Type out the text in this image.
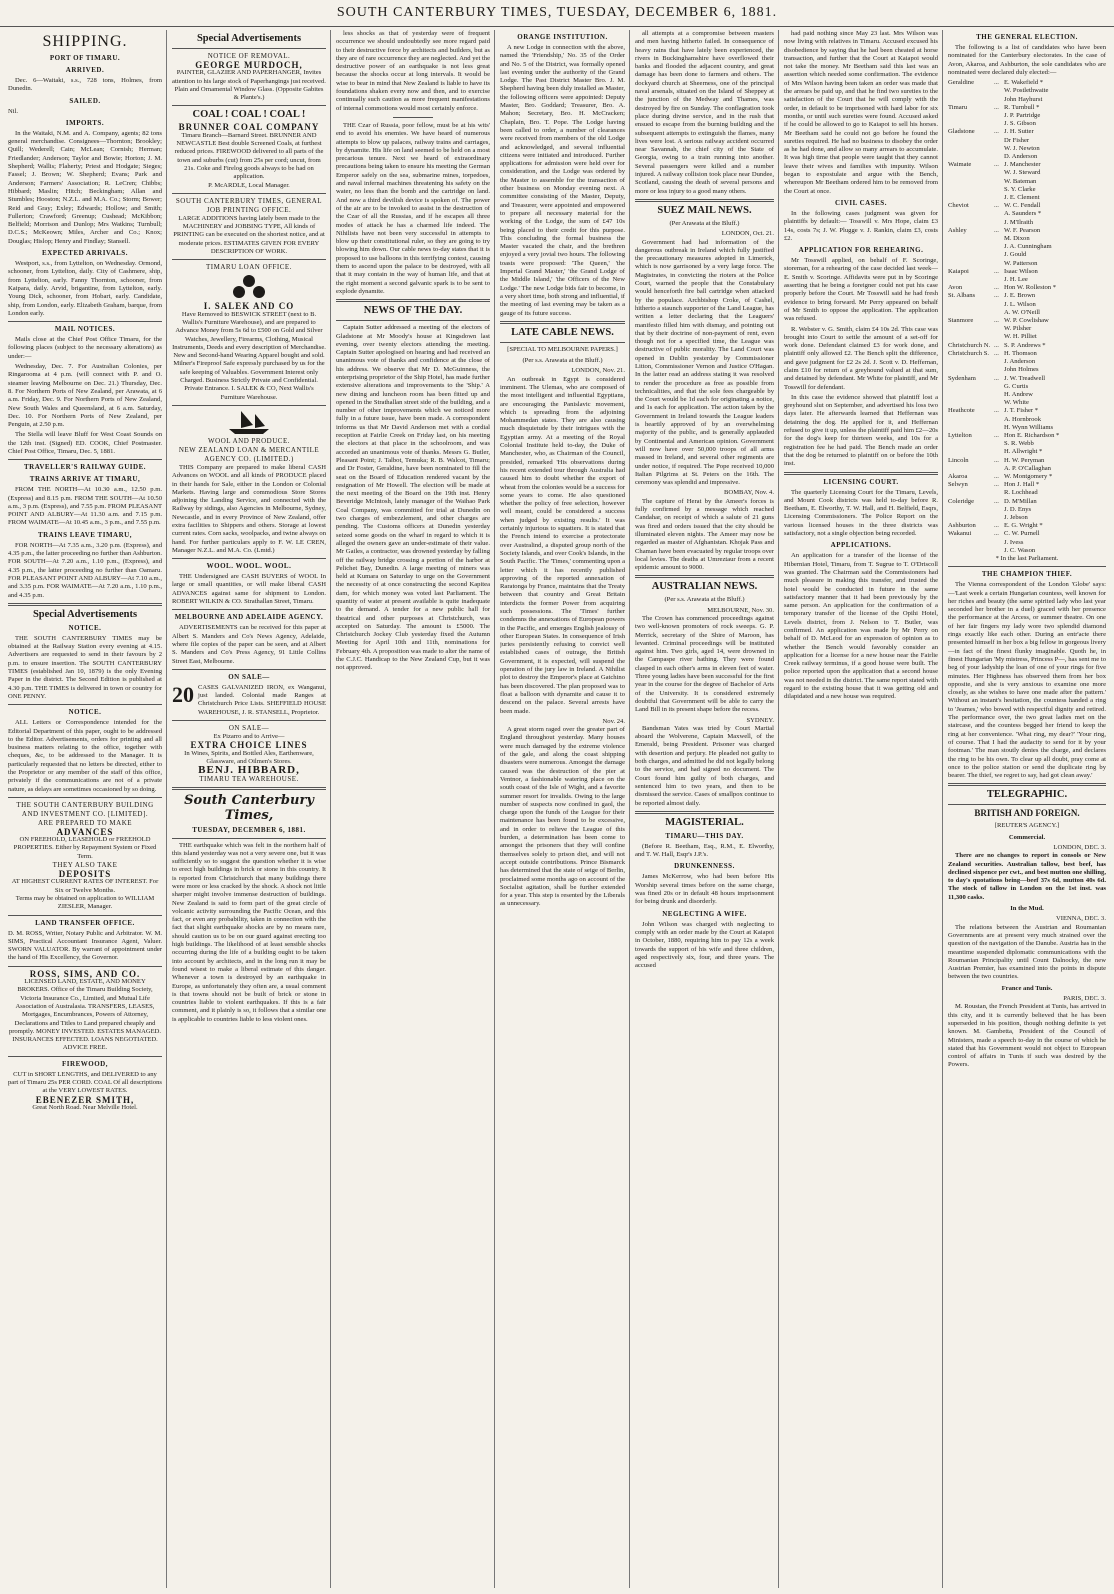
SOUTH CANTERBURY TIMES, TUESDAY, DECEMBER 6, 1881.
SHIPPING.
PORT OF TIMARU.
ARRIVED.

Dec. 6—Waitaki, s.s., 728 tons, Holmes, from Dunedin.

SAILED.

Nil.

IMPORTS.

In the Waitaki, N.M. and A. Company, agents; 82 tons general merchandise. Consignees—Thornton; Brookley; Quill; Wederell; Cain; McLean; Cornish; Herman; Friedlander; Anderson; Taylor and Bowie; Horton; J. M. Shepherd; Wallis; Flaherty; Priest and Hodgate; Sieges; Fassel; J. Brown; W. Shepherd; Evans; Park and Anderson; Farmers' Association; R. LeCren; Chibbs; Hibbard; Maslin; Hitch; Beckingham; Allan and Stumbles; Hooston; N.Z.L. and M.A. Co.; Storm; Bower; Reid and Gray; Exley; Edwards; Hollow; and Smith; Fullerton; Crawford; Greenup; Cushead; McKibbon; Belfield; Morrison and Dunlop; Mrs Watkins; Turnbull; D.C.S.; McKeown; Miles, Archer and Co.; Knox; Douglas; Hislop; Henry and Findlay; Stansell.

EXPECTED ARRIVALS.

Westport, s.s., from Lyttelton, on Wednesday. Ormond, schooner, from Lyttelton, daily. City of Cashmere, ship, from Lyttelton, early. Fanny Thornton, schooner, from Kaipara, daily. Arvid, brigantine, from Lyttelton, early. Young Dick, schooner, from Hobart, early. Candidate, ship, from London, early. Elizabeth Graham, barque, from London early.

MAIL NOTICES.

Mails close at the Chief Post Office Timaru, for the following places (subject to the necessary alterations) as under:—

Wednesday, Dec. 7. For Australian Colonies, per Ringarooma at 4 p.m. (will connect with P. and O. steamer leaving Melbourne on Dec. 21.) Thursday, Dec. 8. For Northern Ports of New Zealand, per Arawata, at 6 a.m. Friday, Dec. 9. For Northern Ports of New Zealand, New South Wales and Queensland, at 6 a.m. Saturday, Dec. 10. For Northern Ports of New Zealand, per Penguin, at 2.50 p.m.

The Stella will leave Bluff for West Coast Sounds on the 12th inst. (Signed) ED. COOK, Chief Postmaster. Chief Post Office, Timaru, Dec. 5, 1881.

TRAVELLER'S RAILWAY GUIDE.
TRAINS ARRIVE AT TIMARU,

FROM THE NORTH—At 10.30 a.m., 12.50 p.m. (Express) and 8.15 p.m. FROM THE SOUTH—At 10.50 a.m., 3 p.m. (Express), and 7.55 p.m. FROM PLEASANT POINT AND ALBURY—At 11.30 a.m. and 7.15 p.m. FROM WAIMATE—At 10.45 a.m., 3 p.m., and 7.55 p.m.

TRAINS LEAVE TIMARU,

FOR NORTH—At 7.35 a.m., 3.20 p.m. (Express), and 4.35 p.m., the latter proceeding no further than Ashburton. FOR SOUTH—At 7.20 a.m., 1.10 p.m., (Express), and 4.35 p.m., the latter proceeding no further than Oamaru. FOR PLEASANT POINT AND ALBURY—At 7.10 a.m., and 3.35 p.m. FOR WAIMATE—At 7.20 a.m., 1.10 p.m., and 4.35 p.m.

Special Advertisements
NOTICE.

THE SOUTH CANTERBURY TIMES may be obtained at the Railway Station every evening at 4.15. Advertisers are requested to send in their favours by 2 p.m. to ensure insertion. The SOUTH CANTERBURY TIMES (established Jan 10, 1879) is the only Evening Paper in the district. The Second Edition is published at 4.30 p.m. THE TIMES is delivered in town or country for ONE PENNY.

NOTICE.

ALL Letters or Correspondence intended for the Editorial Department of this paper, ought to be addressed to the Editor. Advertisements, orders for printing and all business matters relating to the office, together with cheques, &c, to be addressed to the Manager. It is particularly requested that no letters be directed, either to the Proprietor or any member of the staff of this office, privately if the communications are not of a private nature, as delays are sometimes occasioned by so doing.

THE SOUTH CANTERBURY BUILDING AND INVESTMENT CO. [LIMITED].
ARE PREPARED TO MAKE
ADVANCES
ON FREEHOLD, LEASEHOLD or FREEHOLD PROPERTIES. Either by Repayment System or Fixed Term.
THEY ALSO TAKE
DEPOSITS
AT HIGHEST CURRENT RATES OF INTEREST. For Six or Twelve Months.
Terms may be obtained on application to WILLIAM ZIESLER, Manager.
LAND TRANSFER OFFICE.

D. M. ROSS, Writer, Notary Public and Arbitrator. W. M. SIMS, Practical Accountant Insurance Agent, Valuer. SWORN VALUATOR. By warrant of appointment under the hand of His Excellency, the Governor.

ROSS, SIMS, AND CO.
LICENSED LAND, ESTATE, AND MONEY BROKERS. Office of the Timaru Building Society, Victoria Insurance Co., Limited, and Mutual Life Association of Australasia. TRANSFERS, LEASES, Mortgages, Encumbrances, Powers of Attorney, Declarations and Titles to Land prepared cheaply and promptly. MONEY INVESTED. ESTATES MANAGED. INSURANCES EFFECTED. LOANS NEGOTIATED. ADVICE FREE.
FIREWOOD,
CUT in SHORT LENGTHS, and DELIVERED to any part of Timaru 25s PER CORD. COAL Of all descriptions at the VERY LOWEST RATES.
EBENEZER SMITH,
Great North Road. Near Melville Hotel.
Special Advertisements
NOTICE OF REMOVAL.
GEORGE MURDOCH,
PAINTER, GLAZIER AND PAPERHANGER, Invites attention to his large stock of Paperhangings just received. Plain and Ornamental Window Glass. (Opposite Gabites & Plante's.)
COAL ! COAL ! COAL !
BRUNNER COAL COMPANY
Timaru Branch—Barnard Street. BRUNNER AND NEWCASTLE Best double Screened Coals, at furthest reduced prices. FIREWOOD delivered to all parts of the town and suburbs (cut) from 25s per cord; uncut, from 21s. Coke and Firelog goods always to be had on application.
P. McARDLE, Local Manager.
SOUTH CANTERBURY TIMES, GENERAL JOB PRINTING OFFICE.
LARGE ADDITIONS having lately been made to the MACHINERY and JOBBING TYPE, All kinds of PRINTING can be executed on the shortest notice, and at moderate prices. ESTIMATES GIVEN FOR EVERY DESCRIPTION OF WORK.
TIMARU LOAN OFFICE.
I. SALEK AND CO
Have Removed to BESWICK STREET (next to B. Wallis's Furniture Warehouse), and are prepared to Advance Money from 5s 6d to £500 on Gold and Silver Watches, Jewellery, Firearms, Clothing, Musical Instruments, Deeds and every description of Merchandise. New and Second-hand Wearing Apparel bought and sold. Milner's Fireproof Safe expressly purchased by us for the safe keeping of Valuables. Government Interest only Charged. Business Strictly Private and Confidential. Private Entrance. I. SALEK & CO, Next Wallis's Furniture Warehouse.
WOOL AND PRODUCE.
NEW ZEALAND LOAN & MERCANTILE AGENCY CO. (LIMITED.)

THIS Company are prepared to make liberal CASH Advances on WOOL and all kinds of PRODUCE placed in their hands for Sale, either in the London or Colonial Markets. Having large and commodious Store Stores adjoining the Landing Service, and connected with the Railway by sidings, also Agencies in Melbourne, Sydney, Newcastle, and in every Province of New Zealand, offer extra facilities to Shippers and others. Storage at lowest current rates. Corn sacks, woolpacks, and twine always on hand. For further particulars apply to F. W. LE CREN, Manager N.Z.L. and M.A. Co. (Lmtd.)

WOOL. WOOL. WOOL.

THE Undersigned are CASH BUYERS of WOOL In large or small quantities, or will make liberal CASH ADVANCES against same for shipment to London. ROBERT WILKIN & CO. Strathallan Street, Timaru.

MELBOURNE AND ADELAIDE AGENCY.

ADVERTISEMENTS can be received for this paper at Albert S. Manders and Co's News Agency, Adelaide, where file copies of the paper can be seen, and at Albert S. Manders and Co's Press Agency, 91 Little Collins Street East, Melbourne.

ON SALE—
20 CASES GALVANIZED IRON, ex Wanganui, just landed. Colonial made Ranges at Christchurch Price Lists. SHEFFIELD HOUSE WAREHOUSE, J. R. STANSELL, Proprietor.
ON SALE—
Ex Pizarro and to Arrive—
EXTRA CHOICE LINES
In Wines, Spirits, and Bottled Ales, Earthenware, Glassware, and Oilmen's Stores.
BENJ. HIBBARD,
TIMARU TEA WAREHOUSE.
South Canterbury Times,
TUESDAY, DECEMBER 6, 1881.

THE earthquake which was felt in the northern half of this island yesterday was not a very severe one, but it was sufficiently so to suggest the question whether it is wise to erect high buildings in brick or stone in this country. It is reported from Christchurch that many buildings there were more or less cracked by the shock. A shock not little sharper might involve immense destruction of buildings. New Zealand is said to form part of the great circle of volcanic activity surrounding the Pacific Ocean, and this fact, or even any probability, taken in connection with the fact that slight earthquake shocks are by no means rare, should caution us to be on our guard against erecting too high buildings. The likelihood of at least sensible shocks occurring during the life of a building ought to be taken into account by architects, and in the long run it may be found wisest to make a liberal estimate of this danger. Whenever a town is destroyed by an earthquake in Europe, as unfortunately they often are, a usual comment is that towns should not be built of brick or stone in countries liable to violent earthquakes. If this is a fair comment, and it plainly is so, it follows that a similar one is applicable to countries liable to less violent ones.

less shocks as that of yesterday were of frequent occurrence we should undoubtedly see more regard paid to their destructive force by architects and builders, but as they are of rare occurrence they are neglected. And yet the destructive power of an earthquake is not less great because the shocks occur at long intervals. It would be wise to bear in mind that New Zealand is liable to have its foundations shaken every now and then, and to exercise continually such caution as more frequent manifestations of internal commotions would most certainly enforce.

THE Czar of Russia, poor fellow, must be at his wits' end to avoid his enemies. We have heard of numerous attempts to blow up palaces, railway trains and carriages, by dynamite. His life on land seemed to be held on a most precarious tenure. Next we heard of extraordinary precautions being taken to ensure his meeting the German Emperor safely on the sea, submarine mines, torpedoes, and naval infernal machines threatening his safety on the water, no less than the bomb and the cartridge on land. And now a third devilish device is spoken of. The power of the air are to be invoked to assist in the destruction of the Czar of all the Russias, and if he escapes all three modes of attack he has a charmed life indeed. The Nihilists have not been very successful in attempts to blow up their constitutional ruler, so they are going to try blowing him down. Our cable news to-day states that it is proposed to use balloons in this terrifying contest, causing them to ascend upon the palace to be destroyed, with all that it may contain in the way of human life, and that at the right moment a second galvanic spark is to be sent to explode dynamite.

NEWS OF THE DAY.

Captain Sutter addressed a meeting of the electors of Gladstone at Mr Moody's house at Kingsdown last evening, over twenty electors attending the meeting. Captain Sutter apologised on hearing and had received an unanimous vote of thanks and confidence at the close of his address. We observe that Mr D. McGuinness, the enterprising proprietor of the Ship Hotel, has made further extensive alterations and improvements to the 'Ship.' A new dining and luncheon room has been fitted up and opened in the Strathallan street side of the building, and a number of other improvements which we noticed more fully in a future issue, have been made. A correspondent informs us that Mr David Anderson met with a cordial reception at Fairlie Creek on Friday last, on his meeting the electors at that place in the schoolroom, and was accorded an unanimous vote of thanks. Messrs G. Butler, Pleasant Point; J. Talbot, Temuka; R. B. Walcot, Timaru; and Dr Foster, Geraldine, have been nominated to fill the seat on the Board of Education rendered vacant by the resignation of Mr Howell. The election will be made at the next meeting of the Board on the 19th inst. Henry Beveridge McIntosh, lately manager of the Waihao Park Coal Company, was committed for trial at Dunedin on two charges of embezzlement, and other charges are pending. The Customs officers at Dunedin yesterday seized some goods on the wharf in regard to which it is alleged the owners gave an under-estimate of their value. Mr Gailes, a contractor, was drowned yesterday by falling off the railway bridge crossing a portion of the harbor at Pelichet Bay, Dunedin. A large meeting of miners was held at Kumara on Saturday to urge on the Government the necessity of at once constructing the second Kapitea dam, for which money was voted last Parliament. The quantity of water at present available is quite inadequate to the demand. A tender for a new public hall for theatrical and other purposes at Christchurch, was accepted on Saturday. The amount is £5000. The Christchurch Jockey Club yesterday fixed the Autumn Meeting for April 10th and 11th, nominations for February 4th. A proposition was made to alter the name of the C.J.C. Handicap to the New Zealand Cup, but it was not approved.

ORANGE INSTITUTION.

A new Lodge in connection with the above, named the 'Friendship,' No. 35 of the Order and No. 5 of the District, was formally opened last evening under the authority of the Grand Lodge. The Past District Master Bro. J. M. Shepherd having been duly installed as Master, the following officers were appointed: Deputy Master, Bro. Goddard; Treasurer, Bro. A. Mahon; Secretary, Bro. H. McCracken; Chaplain, Bro. T. Pope. The Lodge having been called to order, a number of clearances were received from members of the old Lodge and acknowledged, and several influential citizens were initiated and introduced. Further applications for admission were held over for consideration, and the Lodge was ordered by the Master to assemble for the transaction of other business on Monday evening next. A committee consisting of the Master, Deputy, and Treasurer, were appointed and empowered to prepare all necessary material for the working of the Lodge, the sum of £47 10s being placed to their credit for this purpose. This concluding the formal business the Master vacated the chair, and the brethren enjoyed a very jovial two hours. The following toasts were proposed: 'The Queen,' 'the Imperial Grand Master,' 'the Grand Lodge of the Middle Island,' 'the Officers of the New Lodge.' The new Lodge bids fair to become, in a very short time, both strong and influential, if the meeting of last evening may be taken as a gauge of its future success.

LATE CABLE NEWS.
[SPECIAL TO MELBOURNE PAPERS.]
(Per s.s. Arawata at the Bluff.)
LONDON, Nov. 21.

An outbreak in Egypt is considered imminent. The Ulemas, who are composed of the most intelligent and influential Egyptians, are encouraging the Panislavic movement, which is spreading from the adjoining Mohammedan states. They are also causing much disquietude by their intrigues with the Egyptian army. At a meeting of the Royal Colonial Institute held to-day, the Duke of Manchester, who, as Chairman of the Council, presided, remarked 'His observations during his recent extended tour through Australia had caused him to doubt whether the export of wheat from the colonies would be a success for some years to come. He also questioned whether the policy of free selection, however well meant, could be considered a success when judged by existing results.' It was certainly injurious to squatters. It is stated that the French intend to exercise a protectorate over Australind, a disputed group north of the Society Islands, and over Cook's Islands, in the South Pacific. The 'Times,' commenting upon a letter which it has recently published approving of the reported annexation of Raratonga by France, maintains that the Treaty between that country and Great Britain interdicts the former Power from acquiring such possessions. The 'Times' further condemns the annexations of European powers in the Pacific, and emerges English jealousy of other European States. In consequence of Irish juries persistently refusing to convict well established cases of outrage, the British Government, it is expected, will suspend the operation of the jury law in Ireland. A Nihilist plot to destroy the Emperor's place at Gatchino has been discovered. The plan proposed was to float a balloon with dynamite and cause it to descend on the palace. Several arrests have been made.

Nov. 24.

A great storm raged over the greater part of England throughout yesterday. Many houses were much damaged by the extreme violence of the gale, and along the coast shipping disasters were numerous. Amongst the damage caused was the destruction of the pier at Ventnor, a fashionable watering place on the south coast of the Isle of Wight, and a favorite summer resort for invalids. Owing to the large number of suspects now confined in gaol, the charge upon the funds of the League for their maintenance has been found to be excessive, and in order to relieve the League of this burden, a determination has been come to amongst the prisoners that they will confine themselves solely to prison diet, and will not accept outside contributions. Prince Bismarck has determined that the state of seige of Berlin, proclaimed some months ago on account of the Socialist agitation, shall be further extended for a year. This step is resented by the Liberals as unnecessary.

all attempts at a compromise between masters and men having hitherto failed. In consequence of heavy rains that have lately been experienced, the rivers in Buckinghamshire have overflowed their banks and flooded the adjacent country, and great damage has been done to farmers and others. The dockyard church at Sheerness, one of the principal naval arsenals, situated on the Island of Sheppey at the junction of the Medway and Thames, was destroyed by fire on Sunday. The conflagration took place during divine service, and in the rush that ensued to escape from the burning building and the subsequent attempts to extinguish the flames, many lives were lost. A serious railway accident occurred near Savannah, the chief city of the State of Georgia, owing to a train running into another. Several passengers were killed and a number injured. A railway collision took place near Dundee, Scotland, causing the death of several persons and more or less injury to a good many others.

SUEZ MAIL NEWS.
(Per Arawata at the Bluff.)
LONDON, Oct. 21.

Government had had information of the dangerous outbreak in Ireland which fully justified the precautionary measures adopted in Limerick, which is now garrisoned by a very large force. The Magistrates, in convicting the rioters at the Police Court, warned the people that the Constabulary would henceforth fire ball cartridge when attacked by the populace. Archbishop Croke, of Cashel, hitherto a staunch supporter of the Land League, has written a letter declaring that the Leaguers' manifesto filled him with dismay, and pointing out that by their doctrine of non-payment of rent, even though not for a specified time, the League was destructive of public morality. The Land Court was opened in Dublin yesterday by Commissioner Litton, Commissioner Vernon and Justice O'Hagan. In the latter read an address stating it was resolved to render the procedure as free as possible from technicalities, and that the sole fees chargeable by the Court would be 1d each for originating a notice, and 1s each for application. The action taken by the Government in Ireland towards the League leaders is heartily approved of by an overwhelming majority of the public, and is generally applauded by Continental and American opinion. Government will now have over 50,000 troops of all arms massed in Ireland, and several other regiments are under notice, if required. The Pope received 10,000 Italian Pilgrims at St. Peters on the 16th. The ceremony was splendid and impressive.

BOMBAY, Nov. 4.

The capture of Herat by the Ameer's forces is fully confirmed by a message which reached Candahar, on receipt of which a salute of 21 guns was fired and orders issued that the city should be illuminated eleven nights. The Ameer may now be regarded as master of Afghanistan. Khojak Pass and Chaman have been evacuated by regular troops over local levies. The deaths at Umreztaur from a recent epidemic amount to 9000.

AUSTRALIAN NEWS.
(Per s.s. Arawata at the Bluff.)
MELBOURNE, Nov. 30.

The Crown has commenced proceedings against two well-known promoters of rock sweeps. G. P. Merrick, secretary of the Shire of Maroon, has levanted. Criminal proceedings will be instituted against him. Two girls, aged 14, were drowned in the Campaspe river bathing. They were found clasped in each other's arms in eleven feet of water. Three young ladies have been successful for the first year in the course for the degree of Bachelor of Arts of the University. It is considered extremely doubtful that Government will be able to carry the Land Bill in its present shape before the recess.

SYDNEY.

Bandsman Yates was tried by Court Martial aboard the Wolverene, Captain Maxwell, of the Emerald, being President. Prisoner was charged with desertion and perjury. He pleaded not guilty to both charges, and admitted he did not legally belong to the service, and had signed no document. The Court found him guilty of both charges, and sentenced him to two years, and then to be dismissed the service. Cases of smallpox continue to be reported almost daily.

MAGISTERIAL.
TIMARU—THIS DAY.

(Before R. Beetham, Esq., R.M., E. Elworthy, and T. W. Hall, Esqr's J.P.'s.

DRUNKENNESS.

James McKerrow, who had been before His Worship several times before on the same charge, was fined 20s or in default 48 hours imprisonment for being drunk and disorderly.

NEGLECTING A WIFE.

John Wilson was charged with neglecting to comply with an order made by the Court at Kaiapoi in October, 1880, requiring him to pay 12s a week towards the support of his wife and three children, aged respectively six, four, and three years. The accused

had paid nothing since May 23 last. Mrs Wilson was now living with relatives in Timaru. Accused excused his disobedience by saying that he had been cheated at horse transaction, and further that the Court at Kaiapoi would not take the money. Mr Beetham said this last was an assertion which needed some confirmation. The evidence of Mrs Wilson having been taken an order was made that the arrears be paid up, and that he find two sureties to the satisfaction of the Court that he will comply with the order, in default to be imprisoned with hard labor for six months, or until such sureties were found. Accused asked if he could be allowed to go to Kaiapoi to sell his horses. Mr Beetham said he could not go before he found the sureties required. He had no business to disobey the order as he had done, and allow so many arrears to accumulate. It was high time that people were taught that they cannot leave their wives and families with impunity. Wilson began to expostulate and argue with the Bench, whereupon Mr Beetham ordered him to be removed from the Court at once.

CIVIL CASES.

In the following cases judgment was given for plaintiffs by default:— Tosswill v. Mrs Hope, claim £3 14s, costs 7s; J. W. Plugge v. J. Rankin, claim £3, costs £2.

APPLICATION FOR REHEARING.

Mr Tosswill applied, on behalf of F. Scoringe, storeman, for a rehearing of the case decided last week—E. Smith v. Scoringe. Affidavits were put in by Scoringe asserting that he being a foreigner could not put his case properly before the Court. Mr Tosswill said he had fresh evidence to bring forward. Mr Perry appeared on behalf of Mr Smith to oppose the application. The application was refused.

R. Webster v. G. Smith, claim £4 10s 2d. This case was brought into Court to settle the amount of a set-off for work done. Defendant claimed £3 for work done, and plaintiff only allowed £2. The Bench split the difference, and gave judgment for £2 2s 2d. J. Scott v. D. Heffernan, claim £10 for return of a greyhound valued at that sum, and detained by defendant. Mr White for plaintiff, and Mr Tosswill for defendant.

In this case the evidence showed that plaintiff lost a greyhound slut on September, and advertised his loss two days later. He afterwards learned that Heffernan was detaining the dog. He applied for it, and Heffernan refused to give it up, unless the plaintiff paid him £2—20s for the dog's keep for thirteen weeks, and 10s for a registration fee he had paid. The Bench made an order that the dog be returned to plaintiff on or before the 10th inst.

LICENSING COURT.

The quarterly Licensing Court for the Timaru, Levels, and Mount Cook districts was held to-day before R. Beetham, E. Elworthy, T. W. Hall, and H. Belfield, Esqrs, Licensing Commissioners. The Police Report on the various licensed houses in the three districts was satisfactory, not a single objection being recorded.

APPLICATIONS.

An application for a transfer of the license of the Hibernian Hotel, Timaru, from T. Sugrue to T. O'Driscoll was granted. The Chairman said the Commissioners had much pleasure in making this transfer, and trusted the hotel would be conducted in future in the same satisfactory manner that it had been previously by the same person. An application for the confirmation of a temporary transfer of the license of the Opihi Hotel, Levels district, from J. Nelson to T. Butler, was confirmed. An application was made by Mr Perry on behalf of D. McLeod for an expression of opinion as to whether the Bench would favorably consider an application for a license for a new house near the Fairlie Creek railway terminus, if a good house were built. The police reported upon the application that a second house was not needed in the district. The same report stated with regard to the existing house that it was getting old and dilapidated and a new house was required.

THE GENERAL ELECTION.

The following is a list of candidates who have been nominated for the Canterbury electorates. In the case of Avon, Akaroa, and Ashburton, the sole candidates who are nominated were declared duly elected:—

Geraldine	...	E. Wakefield *
		W. Postlethwaite
		John Hayhurst
Timaru	...	R. Turnbull *
		J. P. Partridge
		J. S. Gibson
Gladstone	...	J. H. Sutter
		Dr Fisher
		W. J. Newton
		D. Anderson
Waimate	...	J. Manchester
		W. J. Steward
		W. Bateman
		S. Y. Clarke
		J. E. Clement
Cheviot	...	W. C. Fendall
		A. Saunders *
		J. M'Ilraith
Ashley	...	W. F. Pearson
		M. Dixon
		J. A. Cunningham
		J. Gould
		W. Patterson
Kaiapoi	...	Isaac Wilson
		J. H. Lee
Avon	...	Hon W. Rolleston *
St. Albans	...	J. E. Brown
		J. L. Wilson
		A. W. O'Neill
Stanmore	...	W. P. Cowlishaw
		W. Pilsher
		W. H. Pilliet
Christchurch N.	...	S. P. Andrews *
Christchurch S.	...	H. Thomson
		J. Anderson
		John Holmes
Sydenham	...	J. W. Treadwell
		G. Curtis
		H. Andrew
		W. White
Heathcote	...	J. T. Fisher *
		A. Hornbrook
		H. Wynn Williams
Lyttelton	...	Hon E. Richardson *
		S. R. Webb
		H. Allwright *
Lincoln	...	H. W. Peryman
		A. P. O'Callaghan
Akaroa	...	W. Montgomery *
Selwyn	...	Hon J. Hall *
		R. Lochhead
Coleridge	...	D. M'Millan
		J. D. Enys
		J. Jebson
Ashburton	...	E. G. Wright *
Wakanui	...	C. W. Purnell
		J. Ivess
		J. C. Wason
* In the last Parliament.
THE CHAMPION THIEF.

The Vienna correspondent of the London 'Globe' says:—'Last week a certain Hungarian countess, well known for her riches and beauty (the same spirited lady who last year seconded her brother in a duel) graced with her presence the performance at the Arcess, or summer theatre. On one of her fair fingers my lady wore two splendid diamond rings exactly like each other. During an entr'acte there presented himself in her box a big fellow in gorgeous livery—in fact of the finest flunky imaginable. Quoth he, in finest Hungarian 'My mistress, Princess P—, has sent me to beg of your ladyship the loan of one of your rings for five minutes. Her Highness has observed them from her box opposite, and she is very anxious to examine one more closely, as she wishes to have one made after the pattern.' Without an instant's hesitation, the countess handed a ring to 'Jeames,' who bowed with respectful dignity and retired. The performance over, the two great ladies met on the staircase, and the countess begged her friend to keep the ring at her convenience. 'What ring, my dear?' 'Your ring, of course. That I had the audacity to send for it by your footman.' The man stoutly denies the charge, and declares the ring to be his own. To clear up all doubt, pray come at once to the police station or send the duplicate ring by bearer. The thief, we regret to say, had got clean away.'

TELEGRAPHIC.
BRITISH AND FOREIGN.
[REUTER'S AGENCY.]
Commercial.
LONDON, DEC. 3.

There are no changes to report in consols or New Zealand securities. Australian tallow, best beef, has declined sixpence per cwt., and best mutton one shilling, to day's quotations being—beef 37s 6d, mutton 40s 6d. The stock of tallow in London on the 1st inst. was 11,300 casks.

In the Mud.
VIENNA, DEC. 3.

The relations between the Austrian and Roumanian Governments are at present very much strained over the question of the navigation of the Danube. Austria has in the meantime suspended diplomatic communications with the Roumanian Principality until Count Dalnocky, the new Austrian Premier, has examined into the points in dispute between the two countries.

France and Tunis.
PARIS, DEC. 3.

M. Roustan, the French President at Tunis, has arrived in this city, and it is currently believed that he has been superseded in his position, though nothing definite is yet known. M. Gambetta, President of the Council of Ministers, made a speech to-day in the course of which he stated that his Government would not object to European control of affairs in Tunis if such was desired by the Powers.
